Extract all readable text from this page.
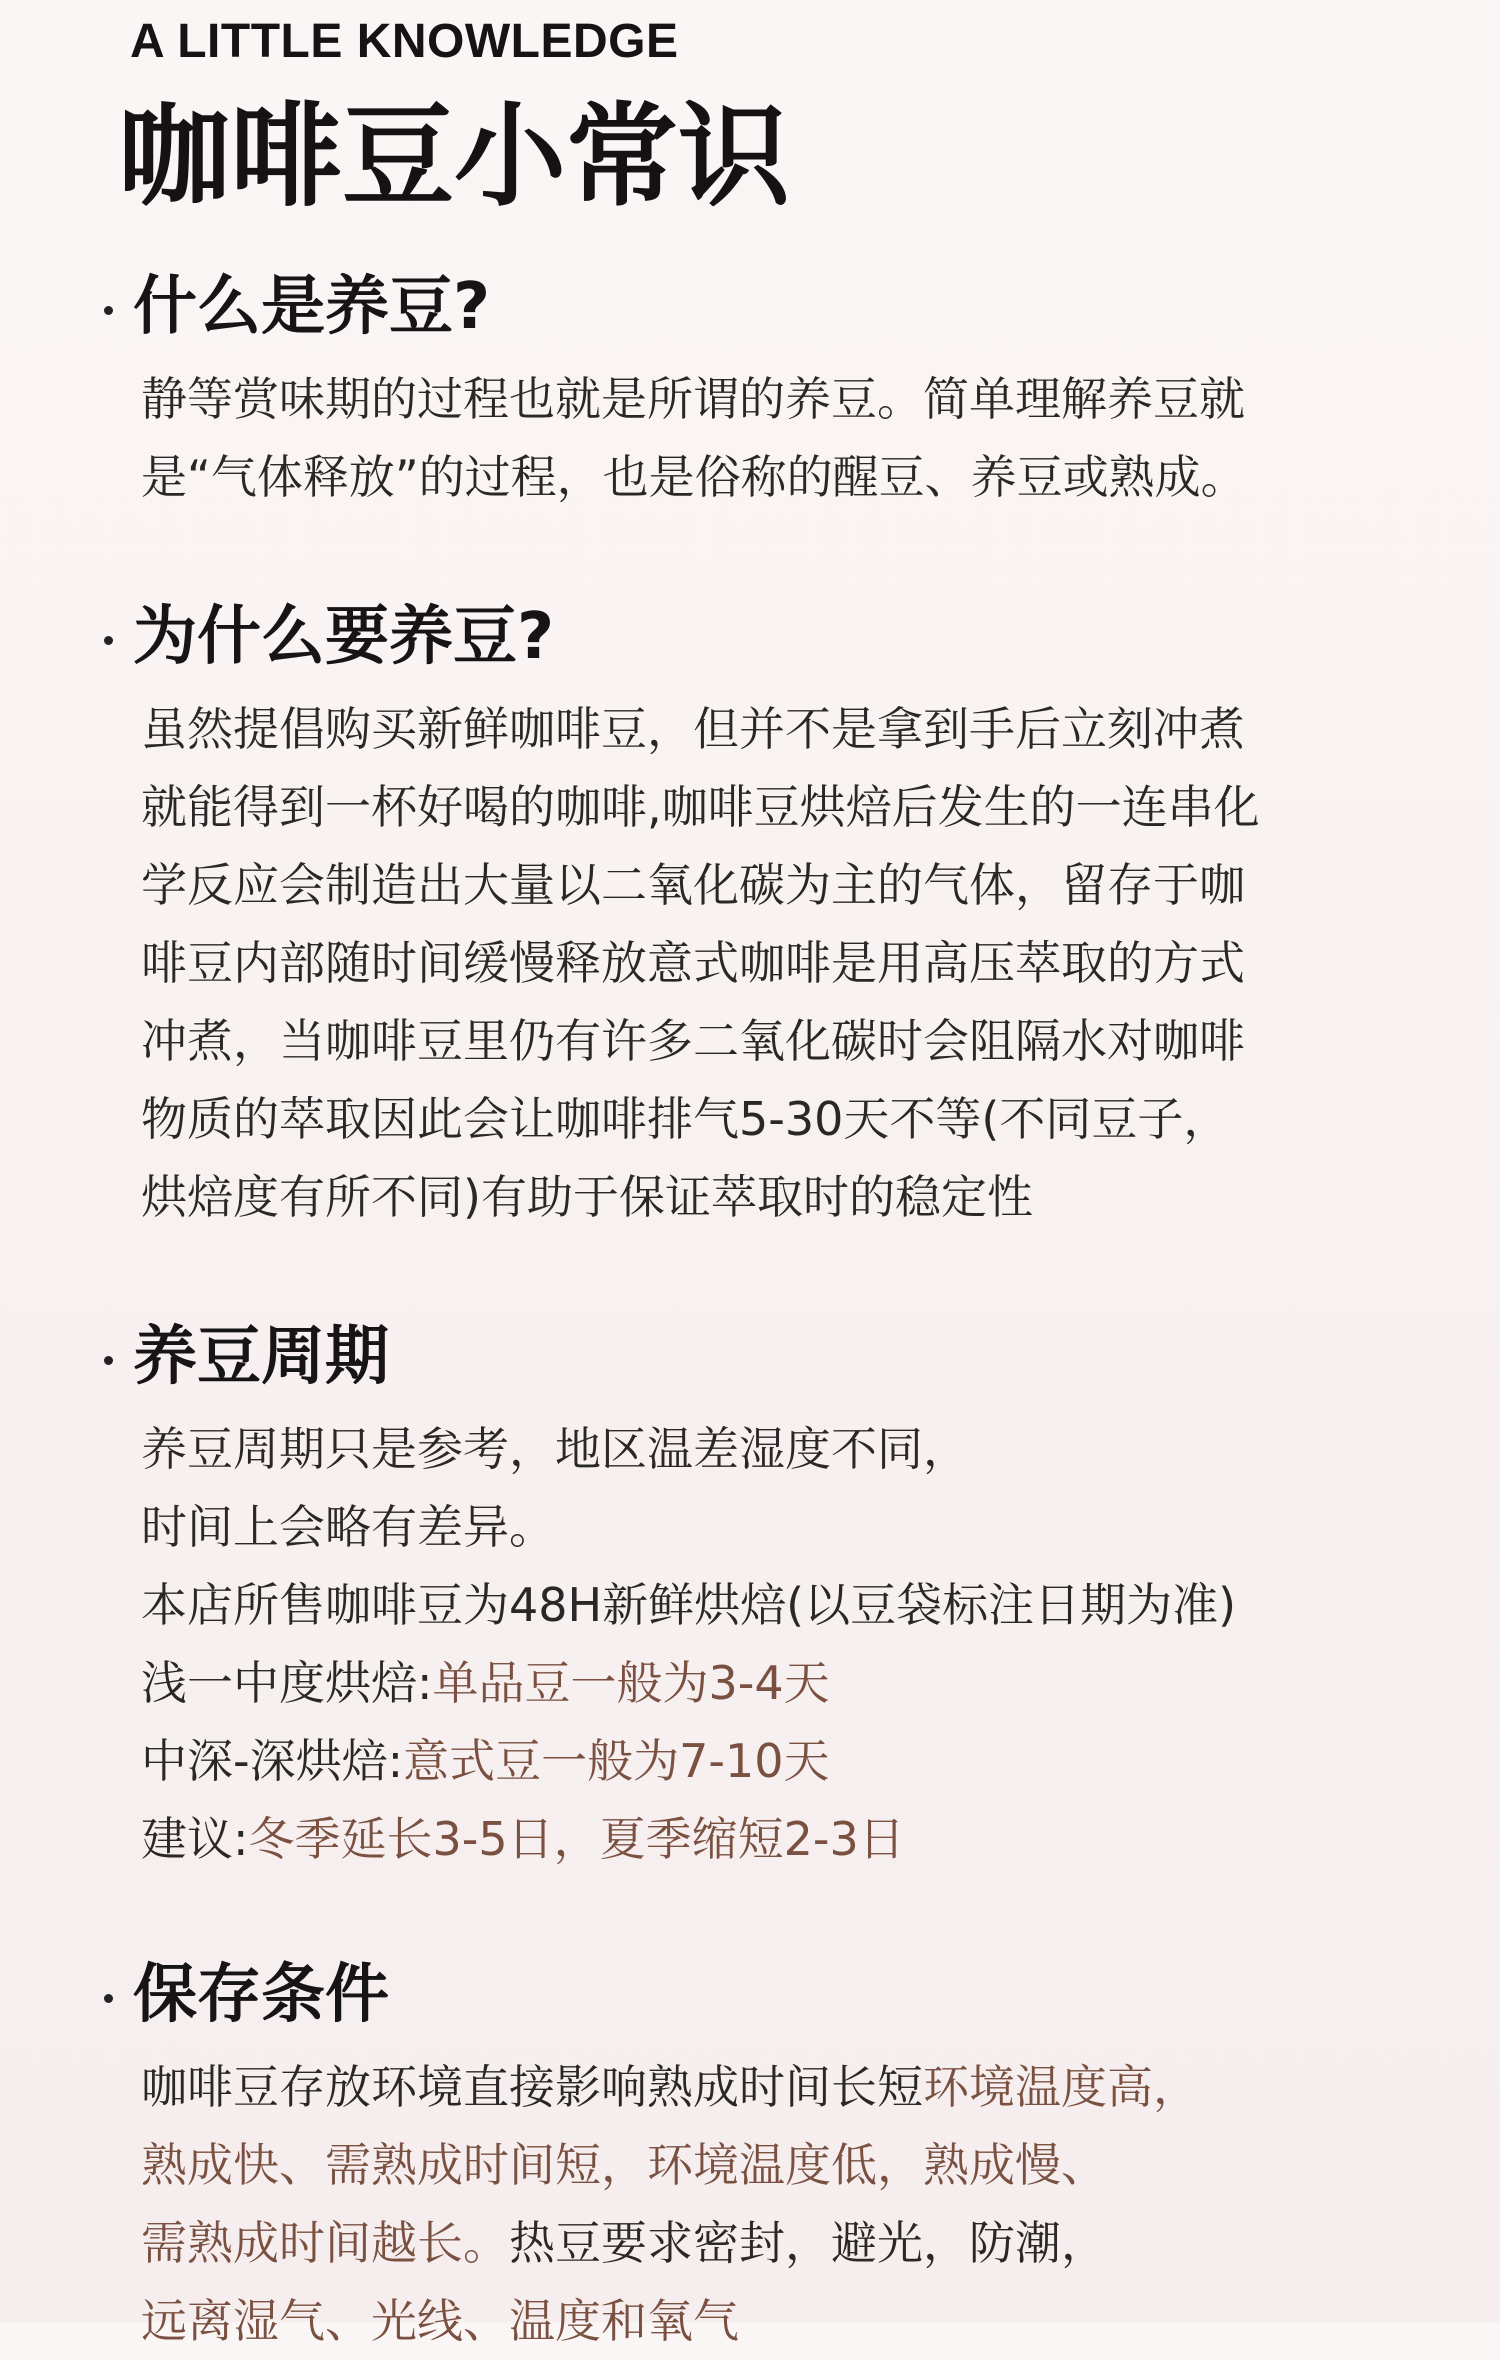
A LITTLE KNOWLEDGE
咖啡豆小常识
什么是养豆?
静等赏味期的过程也就是所谓的养豆。简单理解养豆就
是“气体释放”的过程，也是俗称的醒豆、养豆或熟成。
为什么要养豆?
虽然提倡购买新鲜咖啡豆，但并不是拿到手后立刻冲煮
就能得到一杯好喝的咖啡,咖啡豆烘焙后发生的一连串化
学反应会制造出大量以二氧化碳为主的气体，留存于咖
啡豆内部随时间缓慢释放意式咖啡是用高压萃取的方式
冲煮，当咖啡豆里仍有许多二氧化碳时会阻隔水对咖啡
物质的萃取因此会让咖啡排气5-30天不等(不同豆子，
烘焙度有所不同)有助于保证萃取时的稳定性
养豆周期
养豆周期只是参考，地区温差湿度不同，
时间上会略有差异。
本店所售咖啡豆为48H新鲜烘焙(以豆袋标注日期为准)
浅一中度烘焙:单品豆一般为3-4天
中深-深烘焙:意式豆一般为7-10天
建议:冬季延长3-5日，夏季缩短2-3日
保存条件
咖啡豆存放环境直接影响熟成时间长短环境温度高，
熟成快、需熟成时间短，环境温度低，熟成慢、
需熟成时间越长。热豆要求密封，避光，防潮，
远离湿气、光线、温度和氧气
